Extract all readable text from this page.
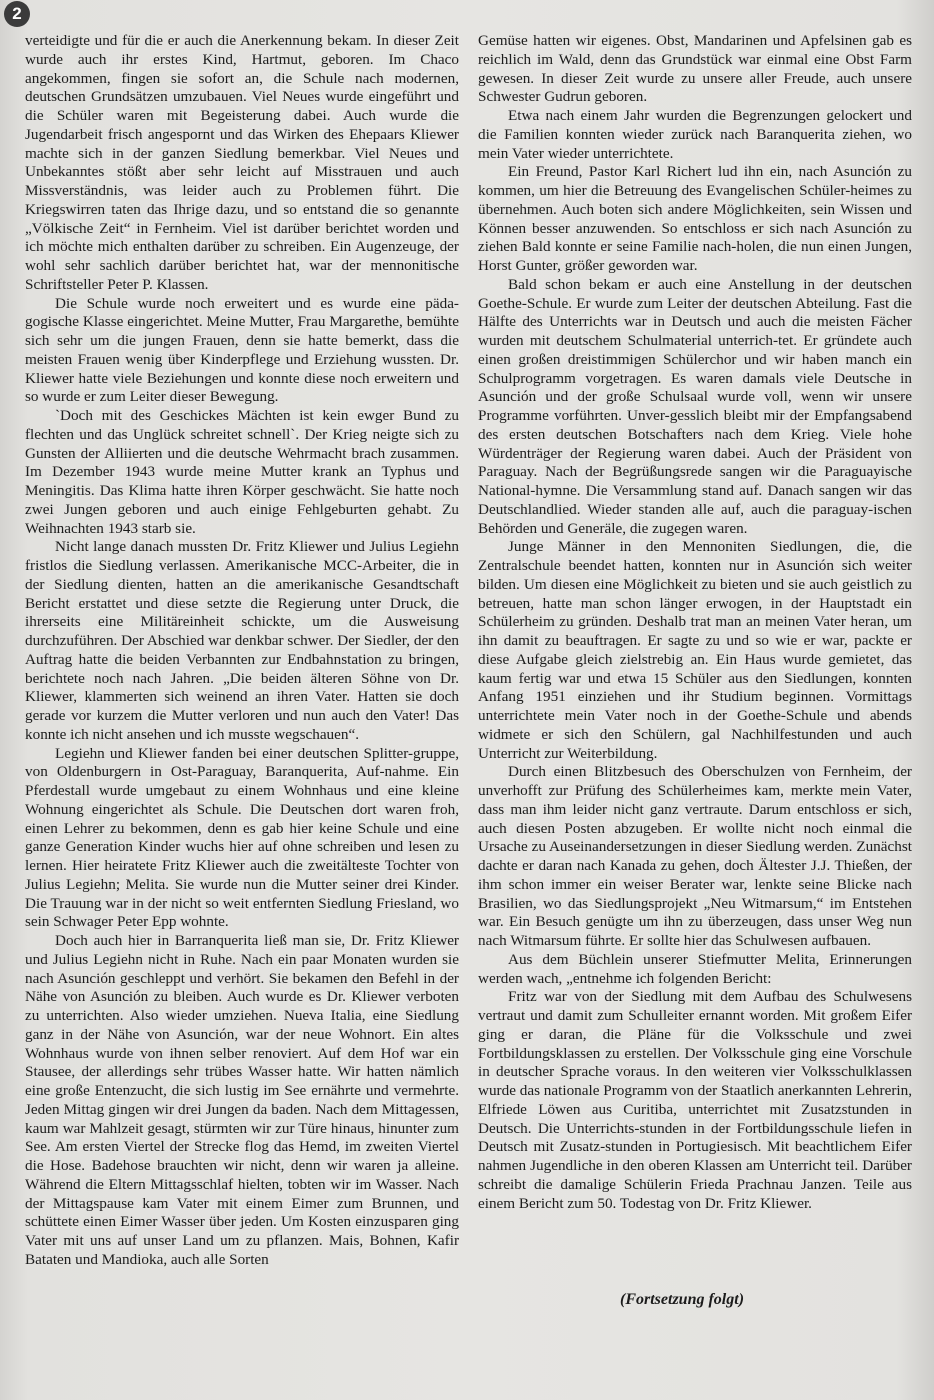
2

verteidigte und für die er auch die Anerkennung bekam. In dieser Zeit wurde auch ihr erstes Kind, Hartmut, geboren. Im Chaco angekommen, fingen sie sofort an, die Schule nach modernen, deutschen Grundsätzen umzubauen. Viel Neues wurde eingeführt und die Schüler waren mit Begeisterung dabei. Auch wurde die Jugendarbeit frisch angespornt und das Wirken des Ehepaars Kliewer machte sich in der ganzen Siedlung bemerkbar. Viel Neues und Unbekanntes stößt aber sehr leicht auf Misstrauen und auch Missverständnis, was leider auch zu Problemen führt. Die Kriegswirren taten das Ihrige dazu, und so entstand die so genannte „Völkische Zeit“ in Fernheim. Viel ist darüber berichtet worden und ich möchte mich enthalten darüber zu schreiben. Ein Augenzeuge, der wohl sehr sachlich darüber berichtet hat, war der mennonitische Schriftsteller Peter P. Klassen.

Die Schule wurde noch erweitert und es wurde eine päda-gogische Klasse eingerichtet. Meine Mutter, Frau Margarethe, bemühte sich sehr um die jungen Frauen, denn sie hatte bemerkt, dass die meisten Frauen wenig über Kinderpflege und Erziehung wussten. Dr. Kliewer hatte viele Beziehungen und konnte diese noch erweitern und so wurde er zum Leiter dieser Bewegung.

`Doch mit des Geschickes Mächten ist kein ewger Bund zu flechten und das Unglück schreitet schnell`. Der Krieg neigte sich zu Gunsten der Alliierten und die deutsche Wehrmacht brach zusammen. Im Dezember 1943 wurde meine Mutter krank an Typhus und Meningitis. Das Klima hatte ihren Körper geschwächt. Sie hatte noch zwei Jungen geboren und auch einige Fehlgeburten gehabt. Zu Weihnachten 1943 starb sie.

Nicht lange danach mussten Dr. Fritz Kliewer und Julius Legiehn fristlos die Siedlung verlassen. Amerikanische MCC-Arbeiter, die in der Siedlung dienten, hatten an die amerikanische Gesandtschaft Bericht erstattet und diese setzte die Regierung unter Druck, die ihrerseits eine Militäreinheit schickte, um die Ausweisung durchzuführen. Der Abschied war denkbar schwer. Der Siedler, der den Auftrag hatte die beiden Verbannten zur Endbahnstation zu bringen, berichtete noch nach Jahren. „Die beiden älteren Söhne von Dr. Kliewer, klammerten sich weinend an ihren Vater. Hatten sie doch gerade vor kurzem die Mutter verloren und nun auch den Vater! Das konnte ich nicht ansehen und ich musste wegschauen“.

Legiehn und Kliewer fanden bei einer deutschen Splitter-gruppe, von Oldenburgern in Ost-Paraguay, Baranquerita, Auf-nahme. Ein Pferdestall wurde umgebaut zu einem Wohnhaus und eine kleine Wohnung eingerichtet als Schule. Die Deutschen dort waren froh, einen Lehrer zu bekommen, denn es gab hier keine Schule und eine ganze Generation Kinder wuchs hier auf ohne schreiben und lesen zu lernen. Hier heiratete Fritz Kliewer auch die zweitälteste Tochter von Julius Legiehn; Melita. Sie wurde nun die Mutter seiner drei Kinder. Die Trauung war in der nicht so weit entfernten Siedlung Friesland, wo sein Schwager Peter Epp wohnte.

Doch auch hier in Barranquerita ließ man sie, Dr. Fritz Kliewer und Julius Legiehn nicht in Ruhe. Nach ein paar Monaten wurden sie nach Asunción geschleppt und verhört. Sie bekamen den Befehl in der Nähe von Asunción zu bleiben. Auch wurde es Dr. Kliewer verboten zu unterrichten. Also wieder umziehen. Nueva Italia, eine Siedlung ganz in der Nähe von Asunción, war der neue Wohnort. Ein altes Wohnhaus wurde von ihnen selber renoviert. Auf dem Hof war ein Stausee, der allerdings sehr trübes Wasser hatte. Wir hatten nämlich eine große Entenzucht, die sich lustig im See ernährte und vermehrte. Jeden Mittag gingen wir drei Jungen da baden. Nach dem Mittagessen, kaum war Mahlzeit gesagt, stürmten wir zur Türe hinaus, hinunter zum See. Am ersten Viertel der Strecke flog das Hemd, im zweiten Viertel die Hose. Badehose brauchten wir nicht, denn wir waren ja alleine. Während die Eltern Mittagsschlaf hielten, tobten wir im Wasser. Nach der Mittagspause kam Vater mit einem Eimer zum Brunnen, und schüttete einen Eimer Wasser über jeden. Um Kosten einzusparen ging Vater mit uns auf unser Land um zu pflanzen. Mais, Bohnen, Kafir Bataten und Mandioka, auch alle Sorten

Gemüse hatten wir eigenes. Obst, Mandarinen und Apfelsinen gab es reichlich im Wald, denn das Grundstück war einmal eine Obst Farm gewesen. In dieser Zeit wurde zu unsere aller Freude, auch unsere Schwester Gudrun geboren.

Etwa nach einem Jahr wurden die Begrenzungen gelockert und die Familien konnten wieder zurück nach Baranquerita ziehen, wo mein Vater wieder unterrichtete.

Ein Freund, Pastor Karl Richert lud ihn ein, nach Asunción zu kommen, um hier die Betreuung des Evangelischen Schüler-heimes zu übernehmen. Auch boten sich andere Möglichkeiten, sein Wissen und Können besser anzuwenden. So entschloss er sich nach Asunción zu ziehen Bald konnte er seine Familie nach-holen, die nun einen Jungen, Horst Gunter, größer geworden war.

Bald schon bekam er auch eine Anstellung in der deutschen Goethe-Schule. Er wurde zum Leiter der deutschen Abteilung. Fast die Hälfte des Unterrichts war in Deutsch und auch die meisten Fächer wurden mit deutschem Schulmaterial unterrich-tet. Er gründete auch einen großen dreistimmigen Schülerchor und wir haben manch ein Schulprogramm vorgetragen. Es waren damals viele Deutsche in Asunción und der große Schulsaal wurde voll, wenn wir unsere Programme vorführten. Unver-gesslich bleibt mir der Empfangsabend des ersten deutschen Botschafters nach dem Krieg. Viele hohe Würdenträger der Regierung waren dabei. Auch der Präsident von Paraguay. Nach der Begrüßungsrede sangen wir die Paraguayische National-hymne. Die Versammlung stand auf. Danach sangen wir das Deutschlandlied. Wieder standen alle auf, auch die paraguay-ischen Behörden und Generäle, die zugegen waren.

Junge Männer in den Mennoniten Siedlungen, die, die Zentralschule beendet hatten, konnten nur in Asunción sich weiter bilden. Um diesen eine Möglichkeit zu bieten und sie auch geistlich zu betreuen, hatte man schon länger erwogen, in der Hauptstadt ein Schülerheim zu gründen. Deshalb trat man an meinen Vater heran, um ihn damit zu beauftragen. Er sagte zu und so wie er war, packte er diese Aufgabe gleich zielstrebig an. Ein Haus wurde gemietet, das kaum fertig war und etwa 15 Schüler aus den Siedlungen, konnten Anfang 1951 einziehen und ihr Studium beginnen. Vormittags unterrichtete mein Vater noch in der Goethe-Schule und abends widmete er sich den Schülern, gal Nachhilfestunden und auch Unterricht zur Weiterbildung.

Durch einen Blitzbesuch des Oberschulzen von Fernheim, der unverhofft zur Prüfung des Schülerheimes kam, merkte mein Vater, dass man ihm leider nicht ganz vertraute. Darum entschloss er sich, auch diesen Posten abzugeben. Er wollte nicht noch einmal die Ursache zu Auseinandersetzungen in dieser Siedlung werden. Zunächst dachte er daran nach Kanada zu gehen, doch Ältester J.J. Thießen, der ihm schon immer ein weiser Berater war, lenkte seine Blicke nach Brasilien, wo das Siedlungsprojekt „Neu Witmarsum,“ im Entstehen war. Ein Besuch genügte um ihn zu überzeugen, dass unser Weg nun nach Witmarsum führte. Er sollte hier das Schulwesen aufbauen.

Aus dem Büchlein unserer Stiefmutter Melita, Erinnerungen werden wach, „entnehme ich folgenden Bericht:

Fritz war von der Siedlung mit dem Aufbau des Schulwesens vertraut und damit zum Schulleiter ernannt worden. Mit großem Eifer ging er daran, die Pläne für die Volksschule und zwei Fortbildungsklassen zu erstellen. Der Volksschule ging eine Vorschule in deutscher Sprache voraus. In den weiteren vier Volksschulklassen wurde das nationale Programm von der Staatlich anerkannten Lehrerin, Elfriede Löwen aus Curitiba, unterrichtet mit Zusatzstunden in Deutsch. Die Unterrichts-stunden in der Fortbildungsschule liefen in Deutsch mit Zusatz-stunden in Portugiesisch. Mit beachtlichem Eifer nahmen Jugendliche in den oberen Klassen am Unterricht teil. Darüber schreibt die damalige Schülerin Frieda Prachnau Janzen. Teile aus einem Bericht zum 50. Todestag von Dr. Fritz Kliewer.

(Fortsetzung folgt)
